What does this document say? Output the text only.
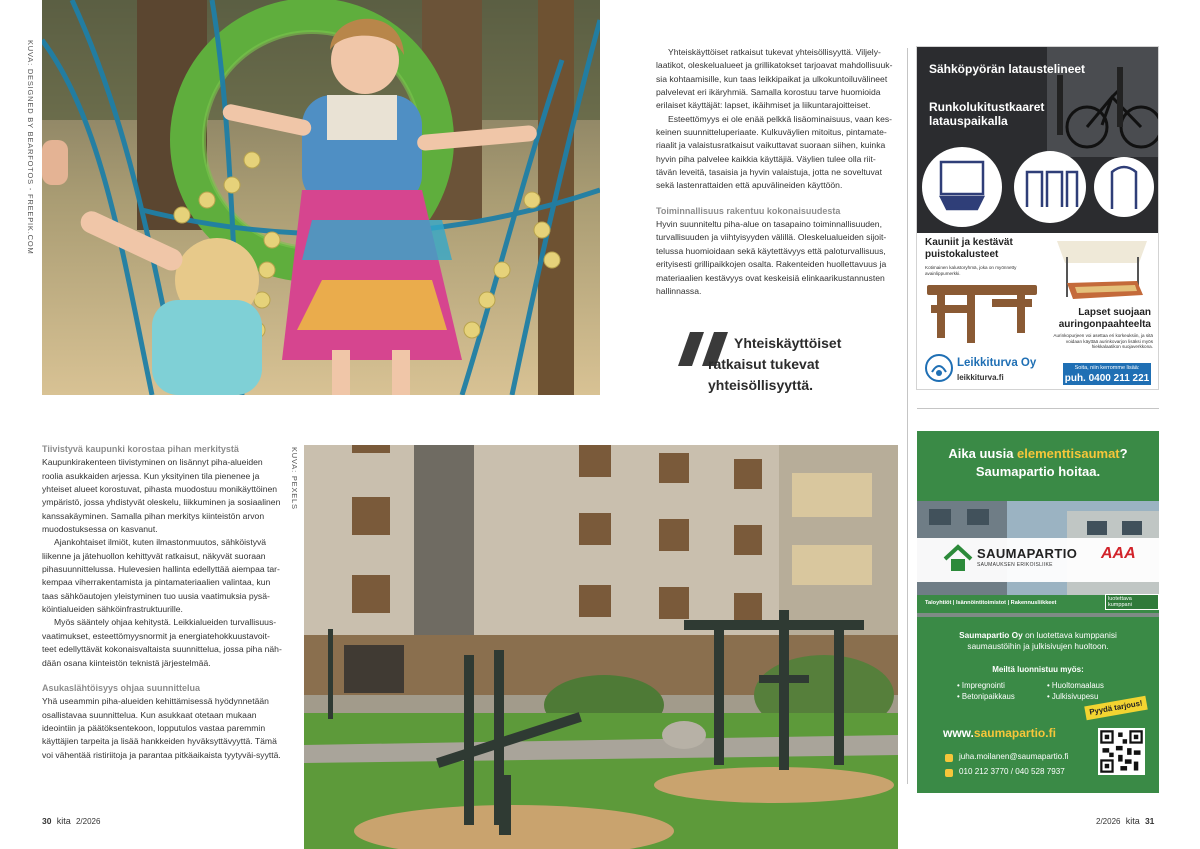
KUVA: DESIGNED BY BEARFOTOS - FREEPIK.COM	Yhteiskäyttöiset ratkaisut tukevat yhteisöllisyyttä. Viljely-laatikot, oleskelualueet ja grillikatokset tarjoavat mahdollisuuk-sia kohtaamisille, kun taas leikkipaikat ja ulkokuntoiluvälineet palvelevat eri ikäryhmiä. Samalla korostuu tarve huomioida erilaiset käyttäjät: lapset, ikäihmiset ja liikuntarajoitteiset.

Esteettömyys ei ole enää pelkkä lisäominaisuus, vaan kes-keinen suunnitteluperiaate. Kulkuväylien mitoitus, pintamate-riaalit ja valaistusratkaisut vaikuttavat suoraan siihen, kuinka hyvin piha palvelee kaikkia käyttäjiä. Väylien tulee olla riit-tävän leveitä, tasaisia ja hyvin valaistuja, jotta ne soveltuvat sekä lastenrattaiden että apuvälineiden käyttöön.

Toiminnallisuus rakentuu kokonaisuudesta

Hyvin suunniteltu piha-alue on tasapaino toiminnallisuuden, turvallisuuden ja viihtyisyyden välillä. Oleskelualueiden sijoit-telussa huomioidaan sekä käytettävyys että paloturvallisuus, erityisesti grillipaikkojen osalta. Rakenteiden huollettavuus ja materiaalien kestävyys ovat keskeisiä elinkaarikustannusten hallinnassa.

Yhteiskäyttöiset ratkaisut tukevat yhteisöllisyyttä.
Sähköpyörän lataustelineet
Runkolukitustkaaret latauspaikalla
Kauniit ja kestävät puistokalusteet
Kotimainen kalustoryhmä, joka on myönnetty avainlippumerkki.
Lapset suojaan auringonpaahteelta
Aurinkopurjeen voi asettaa eri korkeuksiin, ja sitä voidaan käyttää aurinkovarjon lisäksi myös hiekkalaatikon suojaverkkona.
Leikkiturva Oy
leikkiturva.fi
Soita, niin kerromme lisää:
puh. 0400 211 221
Tiivistyvä kaupunki korostaa pihan merkitystä

Kaupunkirakenteen tiivistyminen on lisännyt piha-alueiden roolia asukkaiden arjessa. Kun yksityinen tila pienenee ja yhteiset alueet korostuvat, pihasta muodostuu monikäyttöinen ympäristö, jossa yhdistyvät oleskelu, liikkuminen ja sosiaalinen kanssakäyminen. Samalla pihan merkitys kiinteistön arvon muodostuksessa on kasvanut.

Ajankohtaiset ilmiöt, kuten ilmastonmuutos, sähköistyvä liikenne ja jätehuollon kehittyvät ratkaisut, näkyvät suoraan pihasuunnittelussa. Hulevesien hallinta edellyttää aiempaa tar-kempaa viherrakentamista ja pintamateriaalien valintaa, kun taas sähköautojen yleistyminen tuo uusia vaatimuksia pysä-köintialueiden sähköinfrastruktuurille.

Myös sääntely ohjaa kehitystä. Leikkialueiden turvallisuus-vaatimukset, esteettömyysnormit ja energiatehokkuustavoit-teet edellyttävät kokonaisvaltaista suunnittelua, jossa piha näh-dään osana kiinteistön teknistä järjestelmää.

Asukaslähtöisyys ohjaa suunnittelua

Yhä useammin piha-alueiden kehittämisessä hyödynnetään osallistavaa suunnittelua. Kun asukkaat otetaan mukaan ideointiin ja päätöksentekoon, lopputulos vastaa paremmin käyttäjien tarpeita ja lisää hankkeiden hyväksyttävyyttä. Tämä voi vähentää ristiriitoja ja parantaa pitkäaikaista tyytyväi-syyttä.

KUVA: PEXELS	Aika uusia elementtisaumat?
Saumapartio hoitaa.
SAUMAPARTIO
SAUMAUKSEN ERIKOISLIIKE
AAA
Taloyhtiöt | Isännöintitoimistot | Rakennusliikkeet
luotettava kumppani
Saumapartio Oy on luotettava kumppanisi
saumaustöihin ja julkisivujen huoltoon.
Meiltä luonnistuu myös:
• Impregnointi	• Huoltomaalaus
• Betonipaikkaus	• Julkisivupesu
Pyydä tarjous!
www.saumapartio.fi
juha.moilanen@saumapartio.fi
010 212 3770 / 040 528 7937
30 kita 2/2026	2/2026 kita 31
